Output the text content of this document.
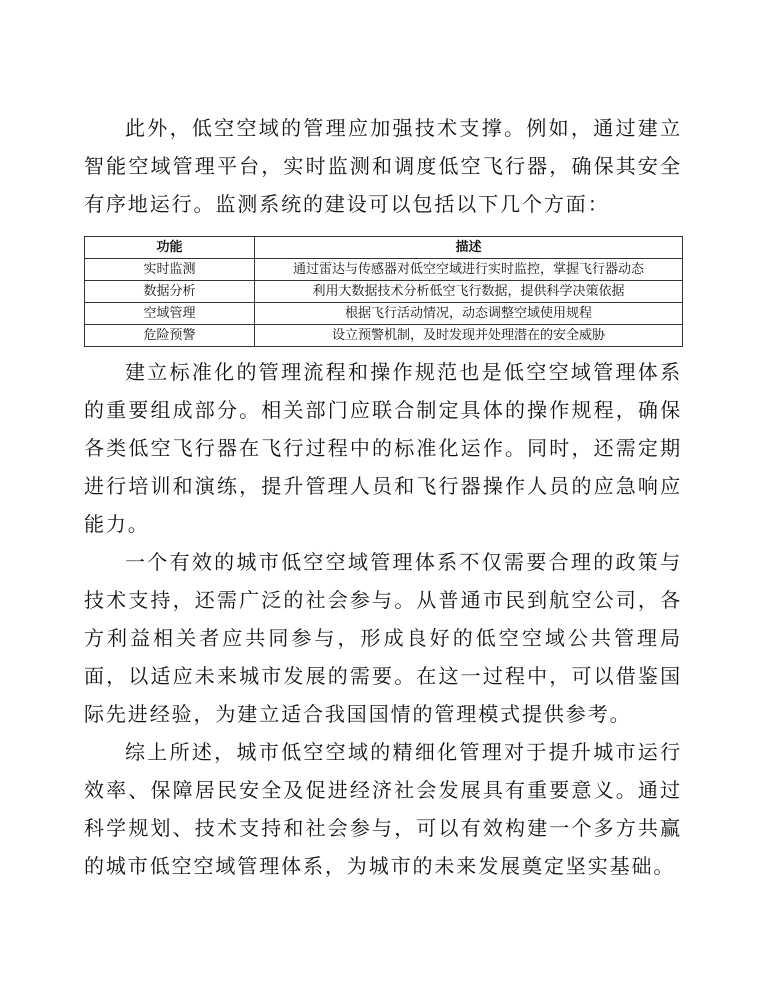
此外，低空空域的管理应加强技术支撑。例如，通过建立智能空域管理平台，实时监测和调度低空飞行器，确保其安全有序地运行。监测系统的建设可以包括以下几个方面：

功能	描述
实时监测	通过雷达与传感器对低空空域进行实时监控，掌握飞行器动态
数据分析	利用大数据技术分析低空飞行数据，提供科学决策依据
空域管理	根据飞行活动情况，动态调整空域使用规程
危险预警	设立预警机制，及时发现并处理潜在的安全威胁

建立标准化的管理流程和操作规范也是低空空域管理体系的重要组成部分。相关部门应联合制定具体的操作规程，确保各类低空飞行器在飞行过程中的标准化运作。同时，还需定期进行培训和演练，提升管理人员和飞行器操作人员的应急响应能力。

一个有效的城市低空空域管理体系不仅需要合理的政策与技术支持，还需广泛的社会参与。从普通市民到航空公司，各方利益相关者应共同参与，形成良好的低空空域公共管理局面，以适应未来城市发展的需要。在这一过程中，可以借鉴国际先进经验，为建立适合我国国情的管理模式提供参考。

综上所述，城市低空空域的精细化管理对于提升城市运行效率、保障居民安全及促进经济社会发展具有重要意义。通过科学规划、技术支持和社会参与，可以有效构建一个多方共赢的城市低空空域管理体系，为城市的未来发展奠定坚实基础。
